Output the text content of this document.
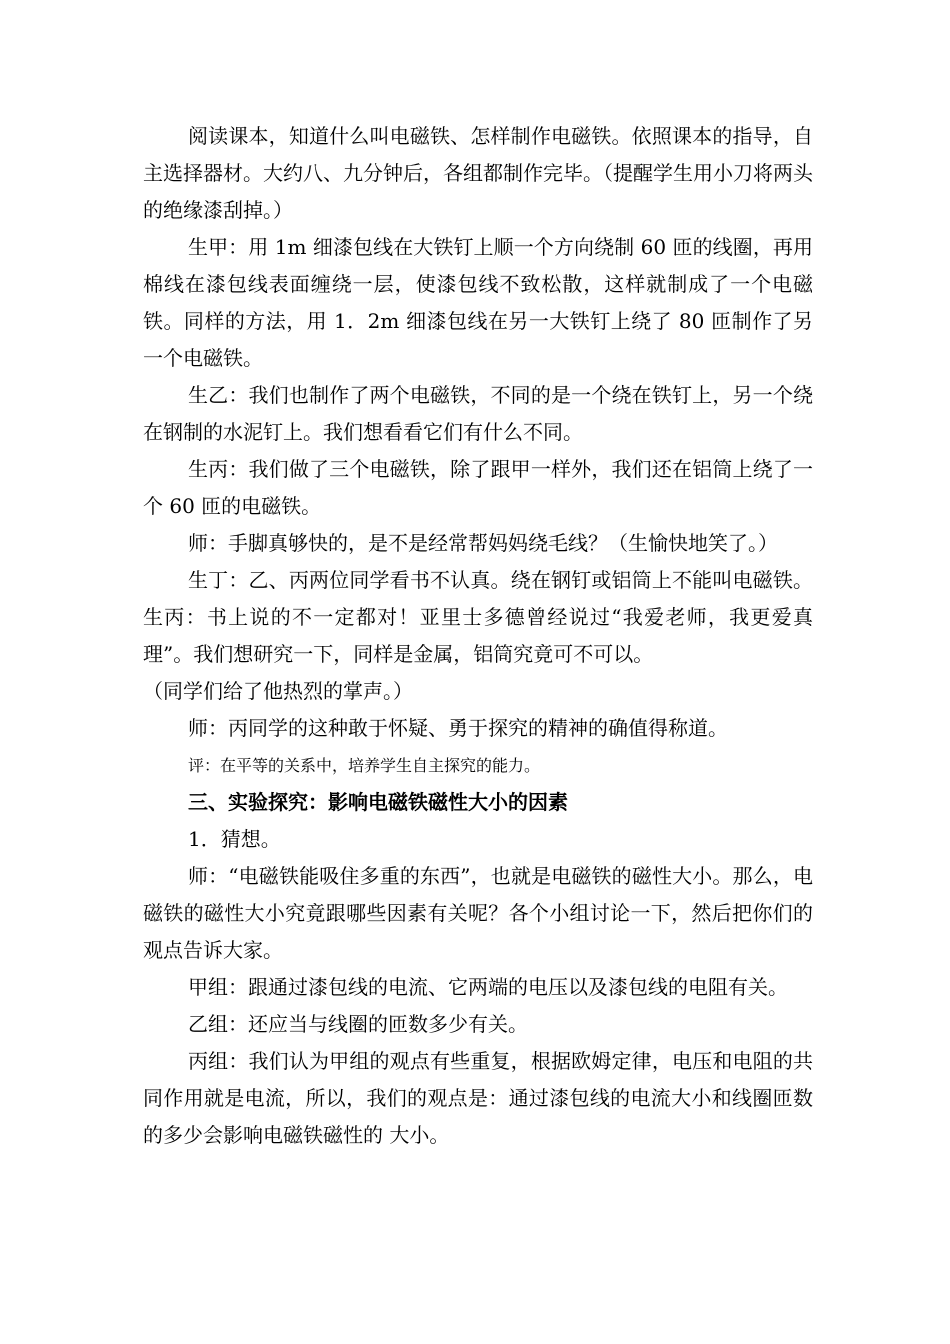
阅读课本，知道什么叫电磁铁、怎样制作电磁铁。依照课本的指导，自主选择器材。大约八、九分钟后，各组都制作完毕。（提醒学生用小刀将两头的绝缘漆刮掉。）

生甲：用 1m 细漆包线在大铁钉上顺一个方向绕制 60 匝的线圈，再用棉线在漆包线表面缠绕一层，使漆包线不致松散，这样就制成了一个电磁铁。同样的方法，用 1．2m 细漆包线在另一大铁钉上绕了 80 匝制作了另一个电磁铁。

生乙：我们也制作了两个电磁铁，不同的是一个绕在铁钉上，另一个绕在钢制的水泥钉上。我们想看看它们有什么不同。

生丙：我们做了三个电磁铁，除了跟甲一样外，我们还在铝筒上绕了一个 60 匝的电磁铁。

师：手脚真够快的，是不是经常帮妈妈绕毛线？（生愉快地笑了。）

生丁：乙、丙两位同学看书不认真。绕在钢钉或铝筒上不能叫电磁铁。生丙：书上说的不一定都对！亚里士多德曾经说过“我爱老师，我更爱真理”。我们想研究一下，同样是金属，铝筒究竟可不可以。

（同学们给了他热烈的掌声。）

师：丙同学的这种敢于怀疑、勇于探究的精神的确值得称道。

评：在平等的关系中，培养学生自主探究的能力。

三、实验探究：影响电磁铁磁性大小的因素

1．猜想。

师：“电磁铁能吸住多重的东西”，也就是电磁铁的磁性大小。那么，电磁铁的磁性大小究竟跟哪些因素有关呢？各个小组讨论一下，然后把你们的观点告诉大家。

甲组：跟通过漆包线的电流、它两端的电压以及漆包线的电阻有关。

乙组：还应当与线圈的匝数多少有关。

丙组：我们认为甲组的观点有些重复，根据欧姆定律，电压和电阻的共同作用就是电流，所以，我们的观点是：通过漆包线的电流大小和线圈匝数的多少会影响电磁铁磁性的 大小。
